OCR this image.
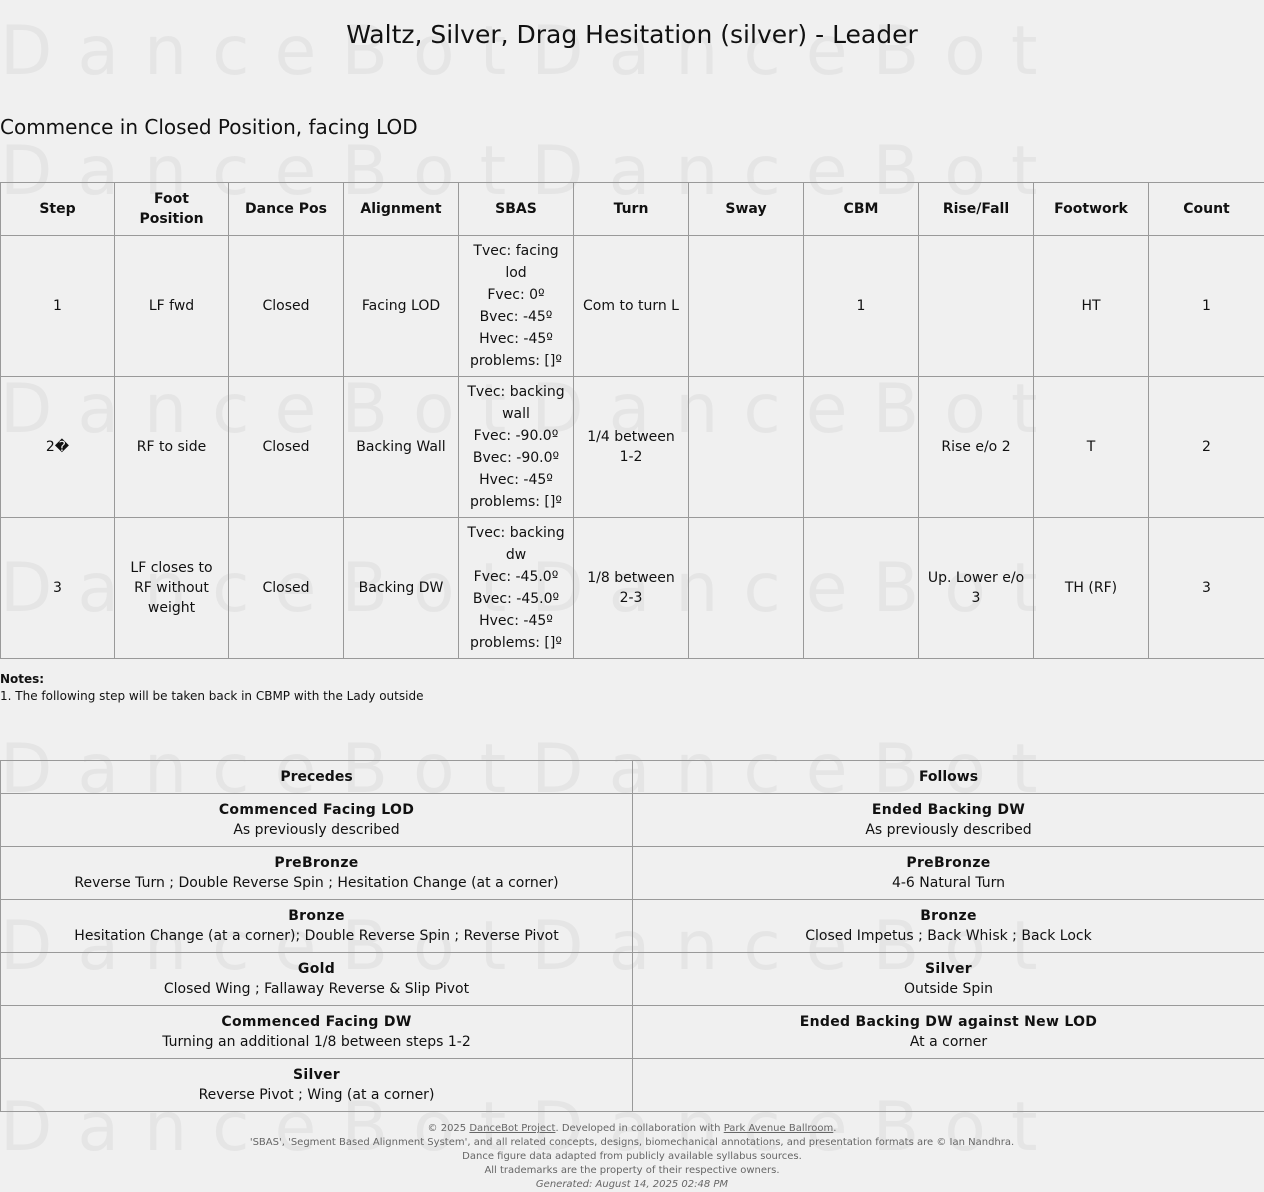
Waltz, Silver, Drag Hesitation (silver) - Leader
Commence in Closed Position, facing LOD
Step	Foot Position	Dance Pos	Alignment	SBAS	Turn	Sway	CBM	Rise/Fall	Footwork	Count
1	LF fwd	Closed	Facing LOD	Tvec: facing lod
Fvec: 0º
Bvec: -45º
Hvec: -45º
problems: []º	Com to turn L		1		HT	1
2�	RF to side	Closed	Backing Wall	Tvec: backing wall
Fvec: -90.0º
Bvec: -90.0º
Hvec: -45º
problems: []º	1/4 between 1-2			Rise e/o 2	T	2
3	LF closes to RF without weight	Closed	Backing DW	Tvec: backing dw
Fvec: -45.0º
Bvec: -45.0º
Hvec: -45º
problems: []º	1/8 between 2-3			Up. Lower e/o 3	TH (RF)	3
Notes:
1. The following step will be taken back in CBMP with the Lady outside
Precedes	Follows

Commenced Facing LOD
As previously described	Ended Backing DW
As previously described

PreBronze
Reverse Turn ; Double Reverse Spin ; Hesitation Change (at a corner)	PreBronze
4-6 Natural Turn

Bronze
Hesitation Change (at a corner); Double Reverse Spin ; Reverse Pivot	Bronze
Closed Impetus ; Back Whisk ; Back Lock

Gold
Closed Wing ; Fallaway Reverse & Slip Pivot	Silver
Outside Spin

Commenced Facing DW
Turning an additional 1/8 between steps 1-2	Ended Backing DW against New LOD
At a corner

Silver
Reverse Pivot ; Wing (at a corner)	

© 2025 DanceBot Project. Developed in collaboration with Park Avenue Ballroom.
'SBAS', 'Segment Based Alignment System', and all related concepts, designs, biomechanical annotations, and presentation formats are © Ian Nandhra.
Dance figure data adapted from publicly available syllabus sources.
All trademarks are the property of their respective owners.
Generated: August 14, 2025 02:48 PM
